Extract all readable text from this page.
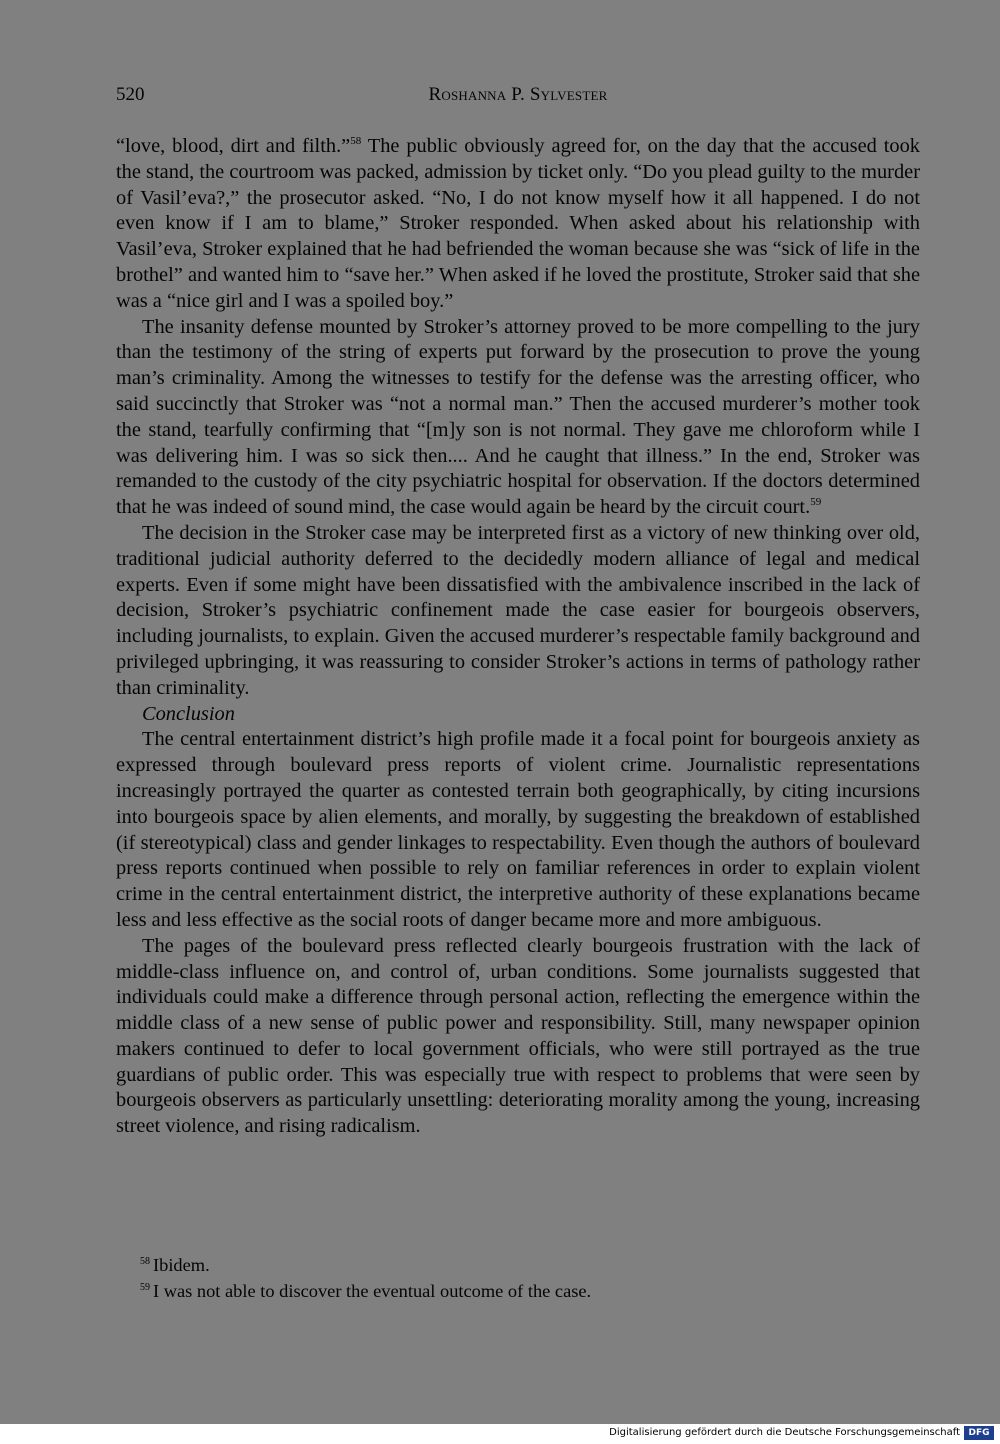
520	Roshanna P. Sylvester

“love, blood, dirt and filth.”$^{58}$ The public obviously agreed for, on the day that the accused took the stand, the courtroom was packed, admission by ticket only. “Do you plead guilty to the murder of Vasil’eva?,” the prosecutor asked. “No, I do not know myself how it all happened. I do not even know if I am to blame,” Stroker responded. When asked about his relationship with Vasil’eva, Stroker explained that he had befriended the woman because she was “sick of life in the brothel” and wanted him to “save her.” When asked if he loved the prostitute, Stroker said that she was a “nice girl and I was a spoiled boy.”

The insanity defense mounted by Stroker’s attorney proved to be more compelling to the jury than the testimony of the string of experts put forward by the prosecution to prove the young man’s criminality. Among the witnesses to testify for the defense was the arresting officer, who said succinctly that Stroker was “not a normal man.” Then the accused murderer’s mother took the stand, tearfully confirming that “[m]y son is not normal. They gave me chloroform while I was delivering him. I was so sick then.... And he caught that illness.” In the end, Stroker was remanded to the custody of the city psychiatric hospital for observation. If the doctors determined that he was indeed of sound mind, the case would again be heard by the circuit court.$^{59}$

The decision in the Stroker case may be interpreted first as a victory of new thinking over old, traditional judicial authority deferred to the decidedly modern alliance of legal and medical experts. Even if some might have been dissatisfied with the ambivalence inscribed in the lack of decision, Stroker’s psychiatric confinement made the case easier for bourgeois observers, including journalists, to explain. Given the accused murderer’s respectable family background and privileged upbringing, it was reassuring to consider Stroker’s actions in terms of pathology rather than criminality.

Conclusion

The central entertainment district’s high profile made it a focal point for bourgeois anxiety as expressed through boulevard press reports of violent crime. Journalistic representations increasingly portrayed the quarter as contested terrain both geographically, by citing incursions into bourgeois space by alien elements, and morally, by suggesting the breakdown of established (if stereotypical) class and gender linkages to respectability. Even though the authors of boulevard press reports continued when possible to rely on familiar references in order to explain violent crime in the central entertainment district, the interpretive authority of these explanations became less and less effective as the social roots of danger became more and more ambiguous.

The pages of the boulevard press reflected clearly bourgeois frustration with the lack of middle-class influence on, and control of, urban conditions. Some journalists suggested that individuals could make a difference through personal action, reflecting the emergence within the middle class of a new sense of public power and responsibility. Still, many newspaper opinion makers continued to defer to local government officials, who were still portrayed as the true guardians of public order. This was especially true with respect to problems that were seen by bourgeois observers as particularly unsettling: deteriorating morality among the young, increasing street violence, and rising radicalism.

$^{58}$ Ibidem.

$^{59}$ I was not able to discover the eventual outcome of the case.

Digitalisierung gefördert durch die Deutsche Forschungsgemeinschaft DFG
